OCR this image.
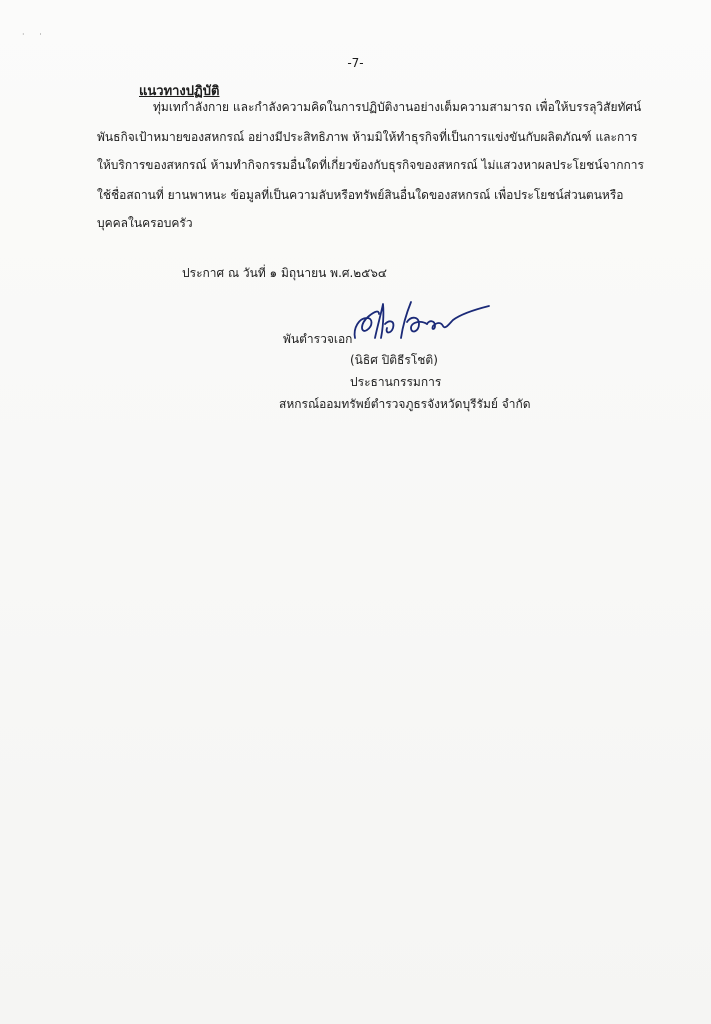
· ·
-7-
แนวทางปฏิบัติ
ทุ่มเทกำลังกาย และกำลังความคิดในการปฏิบัติงานอย่างเต็มความสามารถ เพื่อให้บรรลุวิสัยทัศน์
พันธกิจเป้าหมายของสหกรณ์ อย่างมีประสิทธิภาพ ห้ามมิให้ทำธุรกิจที่เป็นการแข่งขันกับผลิตภัณฑ์ และการ
ให้บริการของสหกรณ์ ห้ามทำกิจกรรมอื่นใดที่เกี่ยวข้องกับธุรกิจของสหกรณ์ ไม่แสวงหาผลประโยชน์จากการ
ใช้ชื่อสถานที่ ยานพาหนะ ข้อมูลที่เป็นความลับหรือทรัพย์สินอื่นใดของสหกรณ์ เพื่อประโยชน์ส่วนตนหรือ
บุคคลในครอบครัว
ประกาศ ณ วันที่ ๑ มิถุนายน พ.ศ.๒๕๖๔
พันตำรวจเอก
(นิธิศ ปิติธีรโชติ)
ประธานกรรมการ
สหกรณ์ออมทรัพย์ตำรวจภูธรจังหวัดบุรีรัมย์ จำกัด
